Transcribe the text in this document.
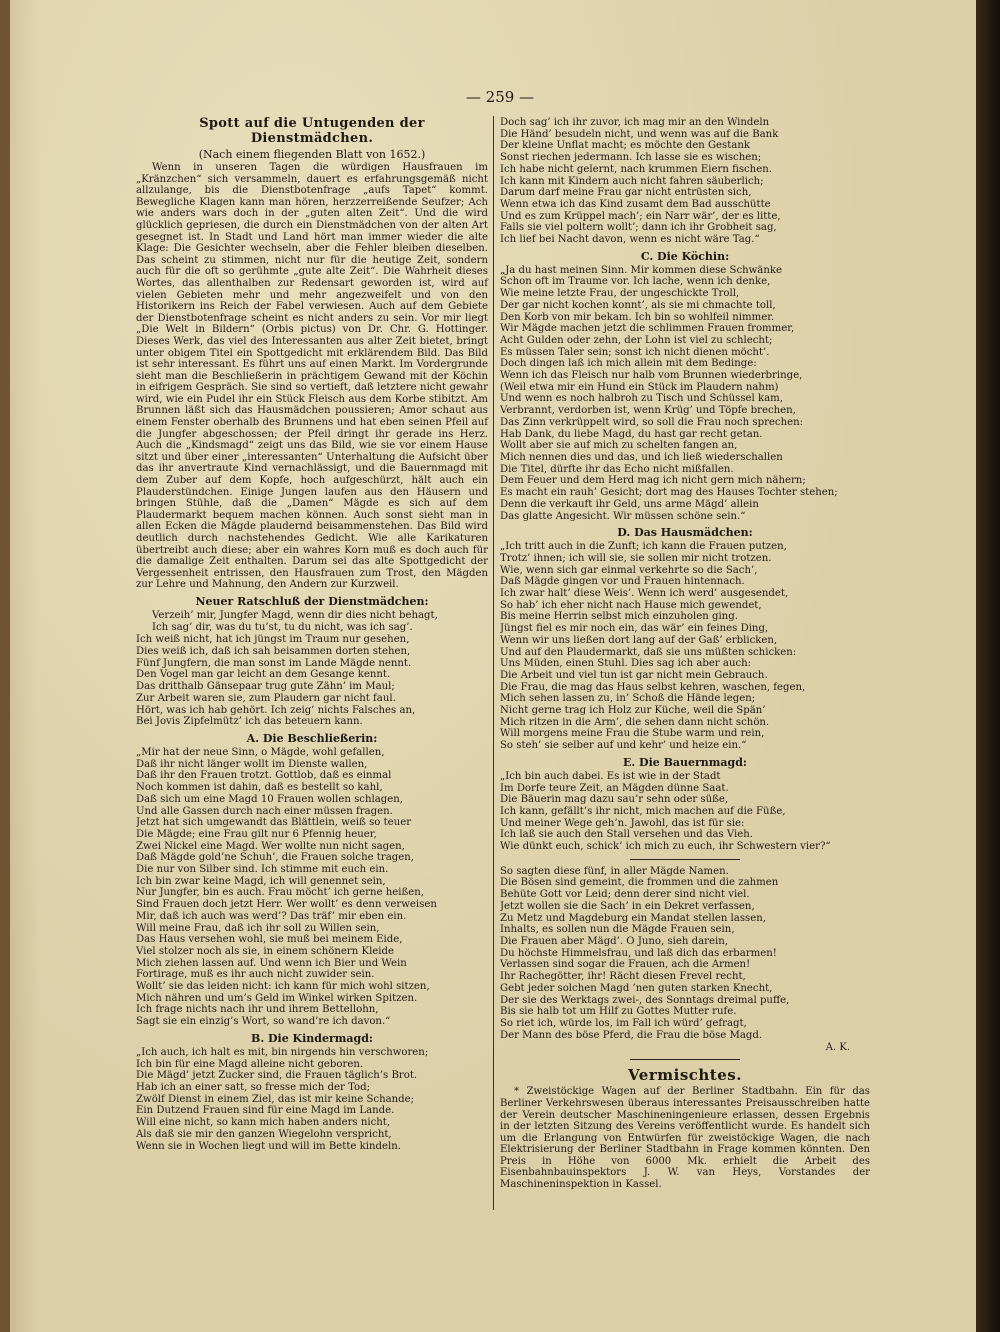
— 259 —
Spott auf die Untugenden der Dienstmädchen.
(Nach einem fliegenden Blatt von 1652.)

Wenn in unseren Tagen die würdigen Hausfrauen im „Kränzchen“ sich versammeln, dauert es erfahrungsgemäß nicht allzulange, bis die Dienstbotenfrage „aufs Tapet“ kommt. Bewegliche Klagen kann man hören, herzzerreißende Seufzer; Ach wie anders wars doch in der „guten alten Zeit“. Und die wird glücklich gepriesen, die durch ein Dienstmädchen von der alten Art gesegnet ist. In Stadt und Land hört man immer wieder die alte Klage: Die Gesichter wechseln, aber die Fehler bleiben dieselben. Das scheint zu stimmen, nicht nur für die heutige Zeit, sondern auch für die oft so gerühmte „gute alte Zeit“. Die Wahrheit dieses Wortes, das allenthalben zur Redensart geworden ist, wird auf vielen Gebieten mehr und mehr angezweifelt und von den Historikern ins Reich der Fabel verwiesen. Auch auf dem Gebiete der Dienstbotenfrage scheint es nicht anders zu sein. Vor mir liegt „Die Welt in Bildern“ (Orbis pictus) von Dr. Chr. G. Hottinger. Dieses Werk, das viel des Interessanten aus alter Zeit bietet, bringt unter obigem Titel ein Spottgedicht mit erklärendem Bild. Das Bild ist sehr interessant. Es führt uns auf einen Markt. Im Vordergrunde sieht man die Beschließerin in prächtigem Gewand mit der Köchin in eifrigem Gespräch. Sie sind so vertieft, daß letztere nicht gewahr wird, wie ein Pudel ihr ein Stück Fleisch aus dem Korbe stibitzt. Am Brunnen läßt sich das Hausmädchen poussieren; Amor schaut aus einem Fenster oberhalb des Brunnens und hat eben seinen Pfeil auf die Jungfer abgeschossen; der Pfeil dringt ihr gerade ins Herz. Auch die „Kindsmagd“ zeigt uns das Bild, wie sie vor einem Hause sitzt und über einer „interessanten“ Unterhaltung die Aufsicht über das ihr anvertraute Kind vernachlässigt, und die Bauernmagd mit dem Zuber auf dem Kopfe, hoch aufgeschürzt, hält auch ein Plauderstündchen. Einige Jungen laufen aus den Häusern und bringen Stühle, daß die „Damen“ Mägde es sich auf dem Plaudermarkt bequem machen können. Auch sonst sieht man in allen Ecken die Mägde plaudernd beisammenstehen. Das Bild wird deutlich durch nachstehendes Gedicht. Wie alle Karikaturen übertreibt auch diese; aber ein wahres Korn muß es doch auch für die damalige Zeit enthalten. Darum sei das alte Spottgedicht der Vergessenheit entrissen, den Hausfrauen zum Trost, den Mägden zur Lehre und Mahnung, den Andern zur Kurzweil.

Neuer Ratschluß der Dienstmädchen:
Verzeih’ mir, Jungfer Magd, wenn dir dies nicht behagt,
Ich sag’ dir, was du tu’st, tu du nicht, was ich sag’.
Ich weiß nicht, hat ich jüngst im Traum nur gesehen,
Dies weiß ich, daß ich sah beisammen dorten stehen,
Fünf Jungfern, die man sonst im Lande Mägde nennt.
Den Vogel man gar leicht an dem Gesange kennt.
Das dritthalb Gänsepaar trug gute Zähn’ im Maul;
Zur Arbeit waren sie, zum Plaudern gar nicht faul.
Hört, was ich hab gehört. Ich zeig’ nichts Falsches an,
Bei Jovis Zipfelmütz’ ich das beteuern kann.
A. Die Beschließerin:
„Mir hat der neue Sinn, o Mägde, wohl gefallen,
Daß ihr nicht länger wollt im Dienste wallen,
Daß ihr den Frauen trotzt. Gottlob, daß es einmal
Noch kommen ist dahin, daß es bestellt so kahl,
Daß sich um eine Magd 10 Frauen wollen schlagen,
Und alle Gassen durch nach einer müssen fragen.
Jetzt hat sich umgewandt das Blättlein, weiß so teuer
Die Mägde; eine Frau gilt nur 6 Pfennig heuer,
Zwei Nickel eine Magd. Wer wollte nun nicht sagen,
Daß Mägde gold’ne Schuh’, die Frauen solche tragen,
Die nur von Silber sind. Ich stimme mit euch ein.
Ich bin zwar keine Magd, ich will genennet sein,
Nur Jungfer, bin es auch. Frau möcht’ ich gerne heißen,
Sind Frauen doch jetzt Herr. Wer wollt’ es denn verweisen
Mir, daß ich auch was werd’? Das träf’ mir eben ein.
Will meine Frau, daß ich ihr soll zu Willen sein,
Das Haus versehen wohl, sie muß bei meinem Eide,
Viel stolzer noch als sie, in einem schönern Kleide
Mich ziehen lassen auf. Und wenn ich Bier und Wein
Fortirage, muß es ihr auch nicht zuwider sein.
Wollt’ sie das leiden nicht: ich kann für mich wohl sitzen,
Mich nähren und um’s Geld im Winkel wirken Spitzen.
Ich frage nichts nach ihr und ihrem Bettellohn,
Sagt sie ein einzig’s Wort, so wand’re ich davon.“
B. Die Kindermagd:
„Ich auch, ich halt es mit, bin nirgends hin verschworen;
Ich bin für eine Magd alleine nicht geboren.
Die Mägd’ jetzt Zucker sind, die Frauen täglich’s Brot.
Hab ich an einer satt, so fresse mich der Tod;
Zwölf Dienst in einem Ziel, das ist mir keine Schande;
Ein Dutzend Frauen sind für eine Magd im Lande.
Will eine nicht, so kann mich haben anders nicht,
Als daß sie mir den ganzen Wiegelohn verspricht,
Wenn sie in Wochen liegt und will im Bette kindeln.
Doch sag’ ich ihr zuvor, ich mag mir an den Windeln
Die Händ’ besudeln nicht, und wenn was auf die Bank
Der kleine Unflat macht; es möchte den Gestank
Sonst riechen jedermann. Ich lasse sie es wischen;
Ich habe nicht gelernt, nach krummen Eiern fischen.
Ich kann mit Kindern auch nicht fahren säuberlich;
Darum darf meine Frau gar nicht entrüsten sich,
Wenn etwa ich das Kind zusamt dem Bad ausschütte
Und es zum Krüppel mach’; ein Narr wär’, der es litte,
Falls sie viel poltern wollt’; dann ich ihr Grobheit sag,
Ich lief bei Nacht davon, wenn es nicht wäre Tag.“
C. Die Köchin:
„Ja du hast meinen Sinn. Mir kommen diese Schwänke
Schon oft im Traume vor. Ich lache, wenn ich denke,
Wie meine letzte Frau, der ungeschickte Troll,
Der gar nicht kochen konnt’, als sie mi chmachte toll,
Den Korb von mir bekam. Ich bin so wohlfeil nimmer.
Wir Mägde machen jetzt die schlimmen Frauen frommer,
Acht Gulden oder zehn, der Lohn ist viel zu schlecht;
Es müssen Taler sein; sonst ich nicht dienen möcht’.
Doch dingen laß ich mich allein mit dem Bedinge:
Wenn ich das Fleisch nur halb vom Brunnen wiederbringe,
(Weil etwa mir ein Hund ein Stück im Plaudern nahm)
Und wenn es noch halbroh zu Tisch und Schüssel kam,
Verbrannt, verdorben ist, wenn Krüg’ und Töpfe brechen,
Das Zinn verkrüppelt wird, so soll die Frau noch sprechen:
Hab Dank, du liebe Magd, du hast gar recht getan.
Wollt aber sie auf mich zu schelten fangen an,
Mich nennen dies und das, und ich ließ wiederschallen
Die Titel, dürfte ihr das Echo nicht mißfallen.
Dem Feuer und dem Herd mag ich nicht gern mich nähern;
Es macht ein rauh’ Gesicht; dort mag des Hauses Tochter stehen;
Denn die verkauft ihr Geld, uns arme Mägd’ allein
Das glatte Angesicht. Wir müssen schöne sein.“
D. Das Hausmädchen:
„Ich tritt auch in die Zunft; ich kann die Frauen putzen,
Trotz’ ihnen; ich will sie, sie sollen mir nicht trotzen.
Wie, wenn sich gar einmal verkehrte so die Sach’,
Daß Mägde gingen vor und Frauen hintennach.
Ich zwar halt’ diese Weis’. Wenn ich werd’ ausgesendet,
So hab’ ich eher nicht nach Hause mich gewendet,
Bis meine Herrin selbst mich einzuholen ging.
Jüngst fiel es mir noch ein, das wär’ ein feines Ding,
Wenn wir uns ließen dort lang auf der Gaß’ erblicken,
Und auf den Plaudermarkt, daß sie uns müßten schicken:
Uns Müden, einen Stuhl. Dies sag ich aber auch:
Die Arbeit und viel tun ist gar nicht mein Gebrauch.
Die Frau, die mag das Haus selbst kehren, waschen, fegen,
Mich sehen lassen zu, in’ Schoß die Hände legen;
Nicht gerne trag ich Holz zur Küche, weil die Spän’
Mich ritzen in die Arm’, die sehen dann nicht schön.
Will morgens meine Frau die Stube warm und rein,
So steh’ sie selber auf und kehr’ und heize ein.“
E. Die Bauernmagd:
„Ich bin auch dabei. Es ist wie in der Stadt
Im Dorfe teure Zeit, an Mägden dünne Saat.
Die Bäuerin mag dazu sau’r sehn oder süße,
Ich kann, gefällt’s ihr nicht, mich machen auf die Füße,
Und meiner Wege geh’n. Jawohl, das ist für sie:
Ich laß sie auch den Stall versehen und das Vieh.
Wie dünkt euch, schick’ ich mich zu euch, ihr Schwestern vier?“
So sagten diese fünf, in aller Mägde Namen.
Die Bösen sind gemeint, die frommen und die zahmen
Behüte Gott vor Leid; denn derer sind nicht viel.
Jetzt wollen sie die Sach’ in ein Dekret verfassen,
Zu Metz und Magdeburg ein Mandat stellen lassen,
Inhalts, es sollen nun die Mägde Frauen sein,
Die Frauen aber Mägd’. O Juno, sieh darein,
Du höchste Himmelsfrau, und laß dich das erbarmen!
Verlassen sind sogar die Frauen, ach die Armen!
Ihr Rachegötter, ihr! Rächt diesen Frevel recht,
Gebt jeder solchen Magd ’nen guten starken Knecht,
Der sie des Werktags zwei-, des Sonntags dreimal puffe,
Bis sie halb tot um Hilf zu Gottes Mutter rufe.
So riet ich, würde los, im Fall ich würd’ gefragt,
Der Mann des böse Pferd, die Frau die böse Magd.
A. K.
Vermischtes.

* Zweistöckige Wagen auf der Berliner Stadtbahn. Ein für das Berliner Verkehrswesen überaus interessantes Preisausschreiben hatte der Verein deutscher Maschineningenieure erlassen, dessen Ergebnis in der letzten Sitzung des Vereins veröffentlicht wurde. Es handelt sich um die Erlangung von Entwürfen für zweistöckige Wagen, die nach Elektrisierung der Berliner Stadtbahn in Frage kommen könnten. Den Preis in Höhe von 6000 Mk. erhielt die Arbeit des Eisenbahnbauinspektors J. W. van Heys, Vorstandes der Maschineninspektion in Kassel.
